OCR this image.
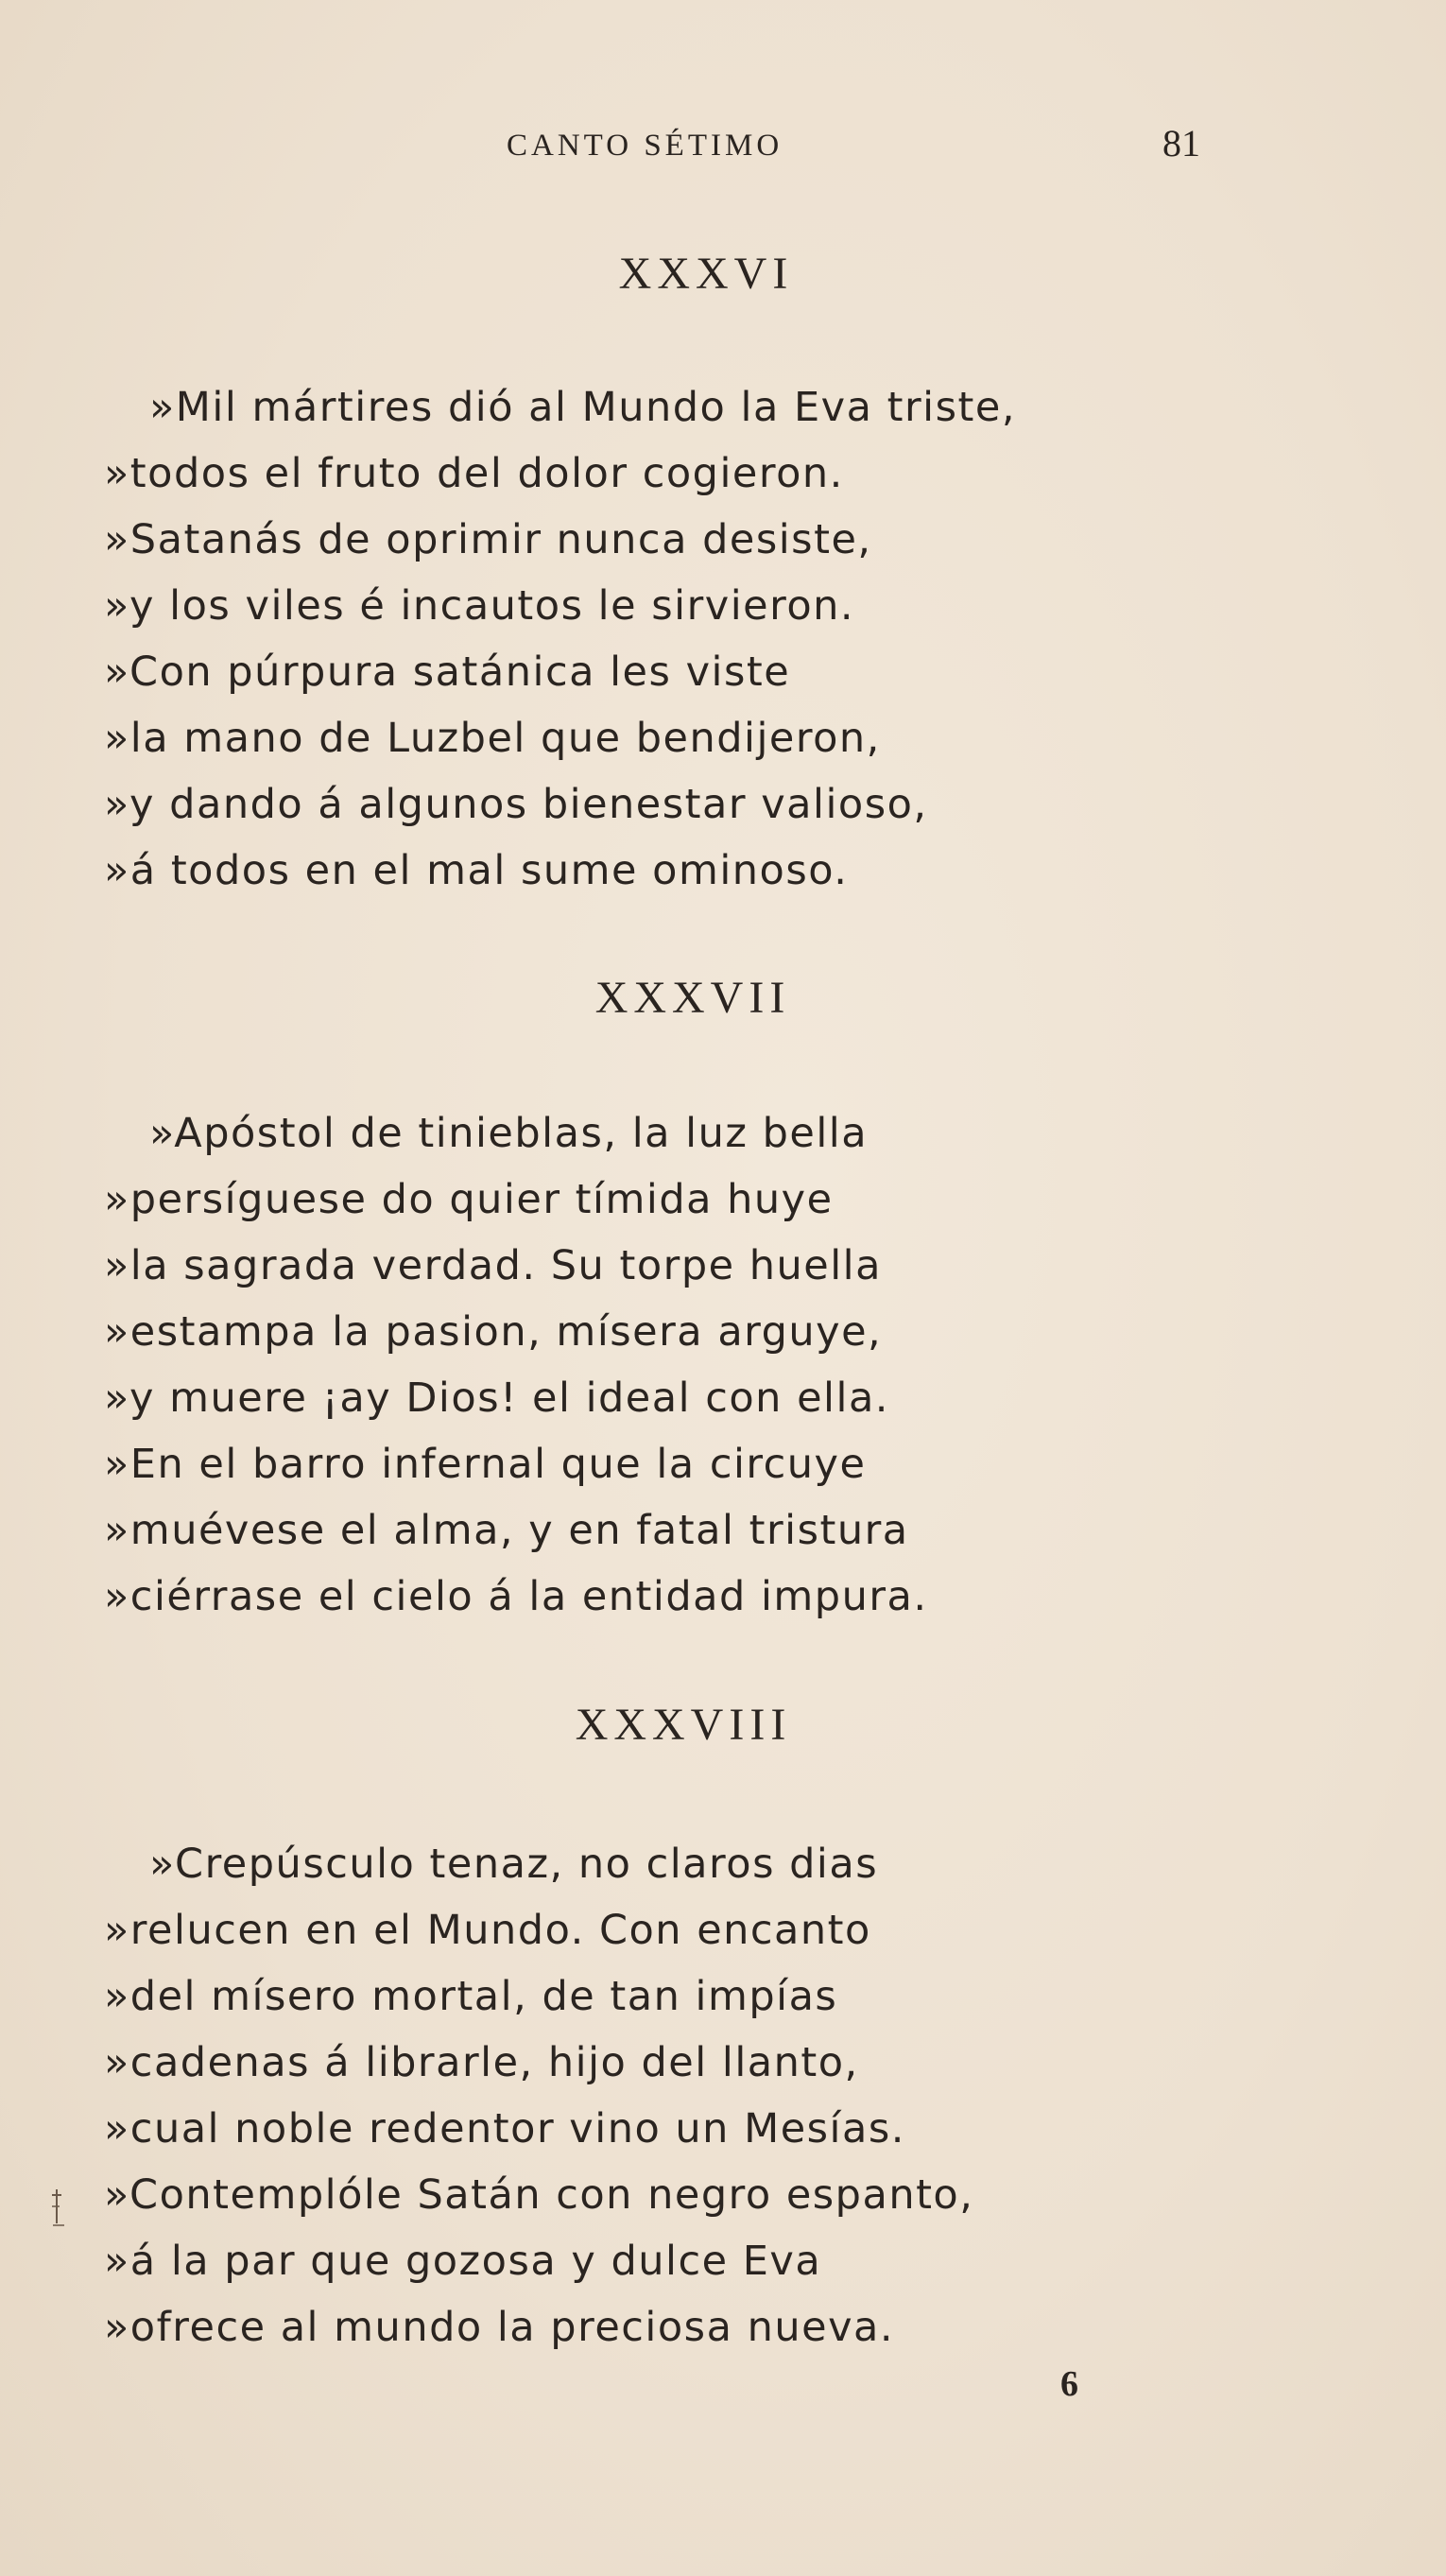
CANTO SÉTIMO	81
XXXVI
»Mil mártires dió al Mundo la Eva triste,
»todos el fruto del dolor cogieron.
»Satanás de oprimir nunca desiste,
»y los viles é incautos le sirvieron.
»Con púrpura satánica les viste
»la mano de Luzbel que bendijeron,
»y dando á algunos bienestar valioso,
»á todos en el mal sume ominoso.
XXXVII
»Apóstol de tinieblas, la luz bella
»persíguese do quier tímida huye
»la sagrada verdad. Su torpe huella
»estampa la pasion, mísera arguye,
»y muere ¡ay Dios! el ideal con ella.
»En el barro infernal que la circuye
»muévese el alma, y en fatal tristura
»ciérrase el cielo á la entidad impura.
XXXVIII
»Crepúsculo tenaz, no claros dias
»relucen en el Mundo. Con encanto
»del mísero mortal, de tan impías
»cadenas á librarle, hijo del llanto,
»cual noble redentor vino un Mesías.
»Contemplóle Satán con negro espanto,
»á la par que gozosa y dulce Eva
»ofrece al mundo la preciosa nueva.
6
